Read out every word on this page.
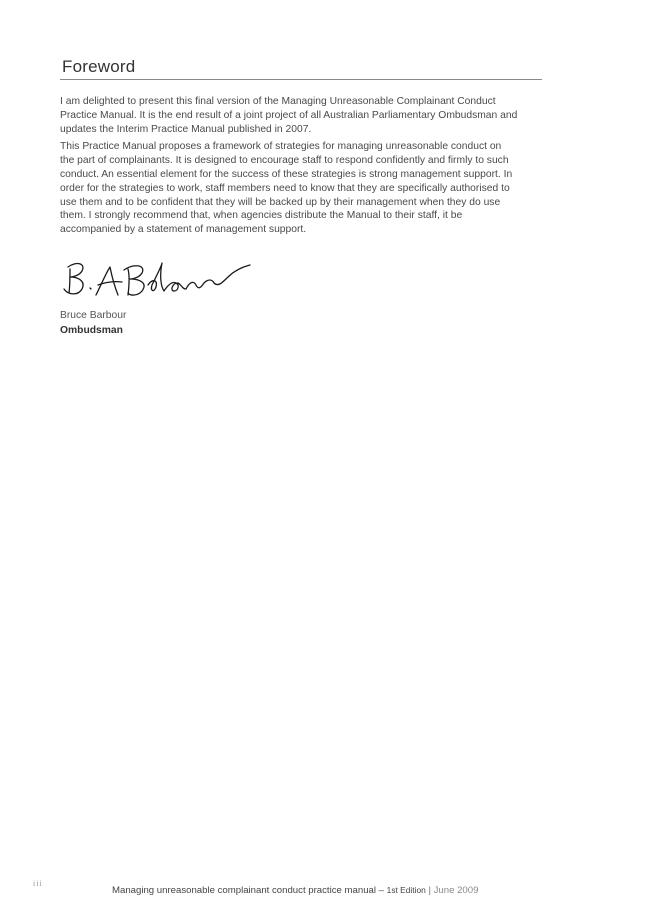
Foreword

I am delighted to present this final version of the Managing Unreasonable Complainant Conduct Practice Manual. It is the end result of a joint project of all Australian Parliamentary Ombudsman and updates the Interim Practice Manual published in 2007.

This Practice Manual proposes a framework of strategies for managing unreasonable conduct on the part of complainants. It is designed to encourage staff to respond confidently and firmly to such conduct. An essential element for the success of these strategies is strong management support. In order for the strategies to work, staff members need to know that they are specifically authorised to use them and to be confident that they will be backed up by their management when they do use them. I strongly recommend that, when agencies distribute the Manual to their staff, it be accompanied by a statement of management support.

Bruce Barbour
Ombudsman
iii
Managing unreasonable complainant conduct practice manual – 1st Edition | June 2009
